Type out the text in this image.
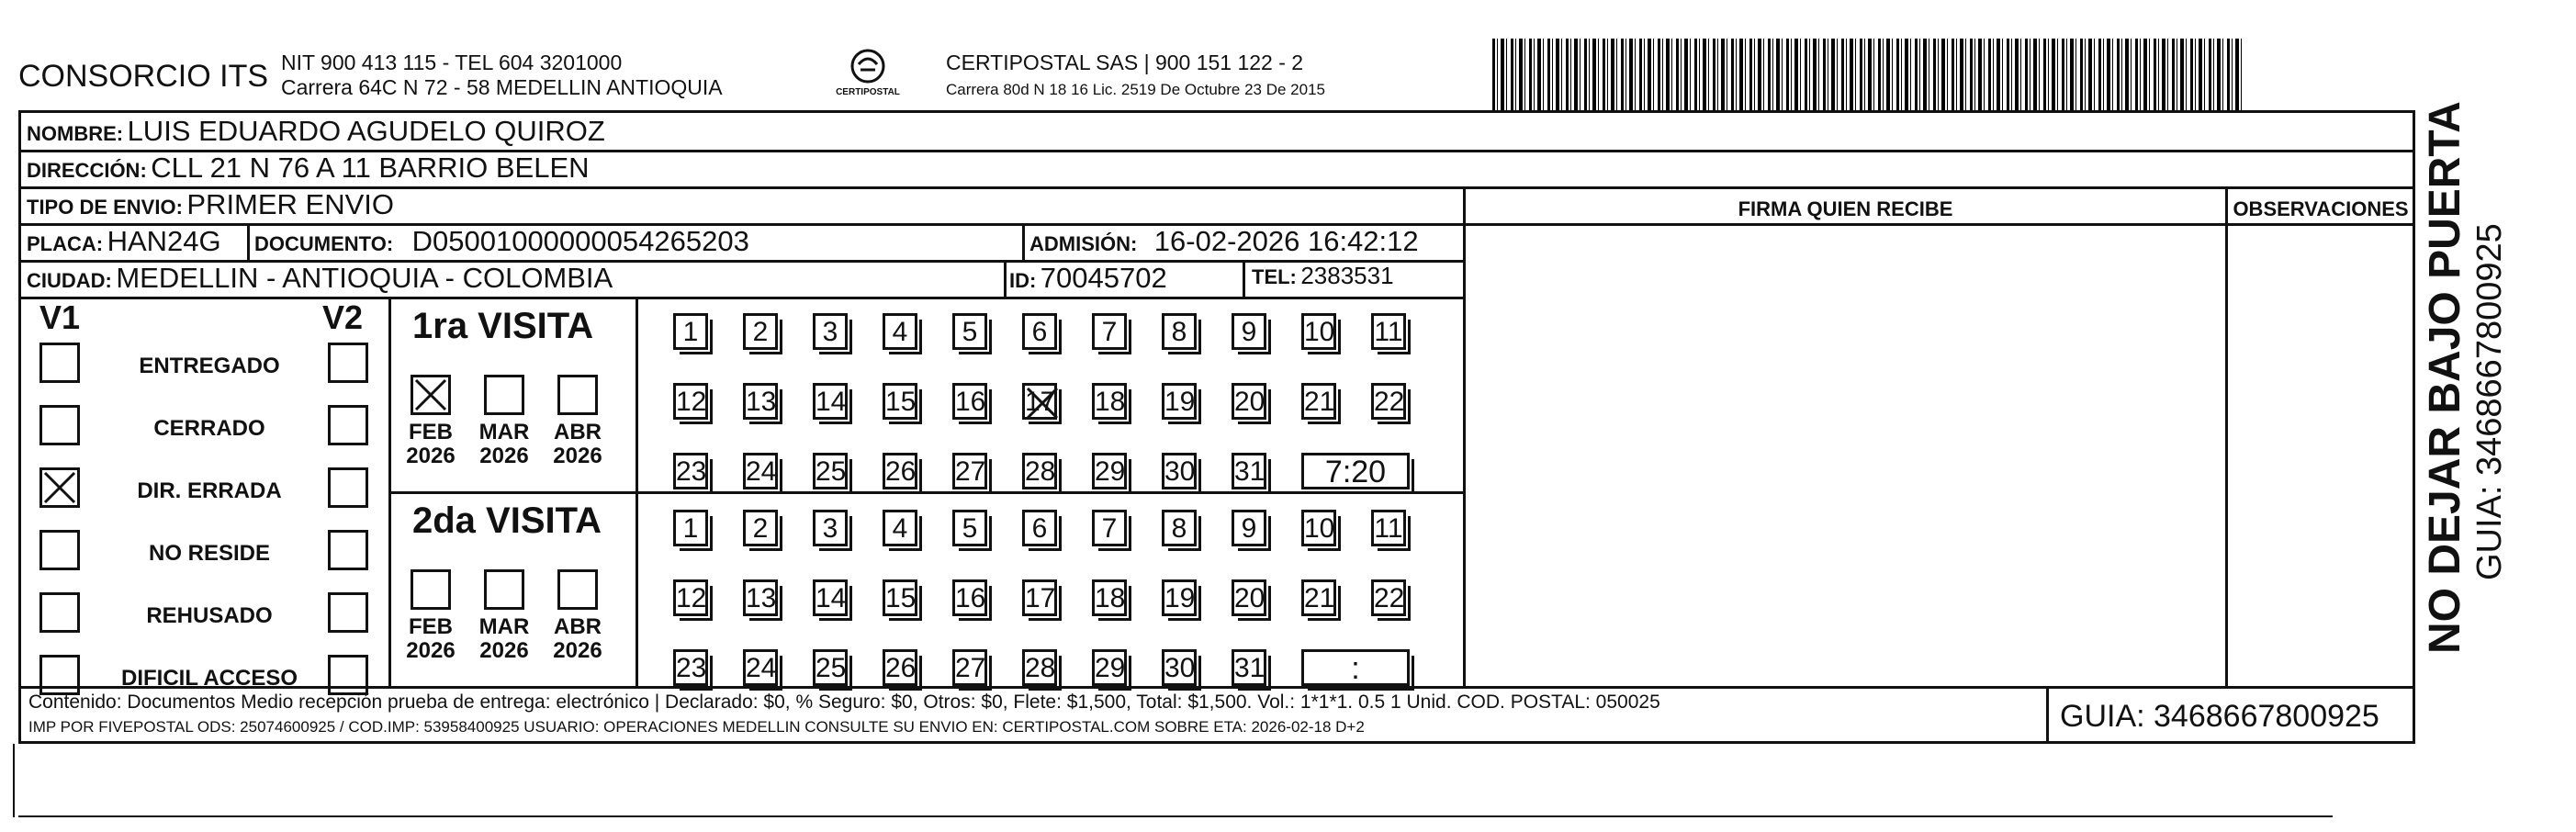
CONSORCIO ITS NIT 900 413 115 - TEL 604 3201000
Carrera 64C N 72 - 58 MEDELLIN ANTIOQUIA	CERTIPOSTAL
CERTIPOSTAL SAS | 900 151 122 - 2
Carrera 80d N 18 16 Lic. 2519 De Octubre 23 De 2015
NOMBRE: LUIS EDUARDO AGUDELO QUIROZ
DIRECCIÓN: CLL 21 N 76 A 11 BARRIO BELEN
TIPO DE ENVIO: PRIMER ENVIO	FIRMA QUIEN RECIBE	OBSERVACIONES
PLACA: HAN24G DOCUMENTO: D05001000000054265203	ADMISIÓN: 16-02-2026 16:42:12
CIUDAD: MEDELLIN - ANTIOQUIA - COLOMBIA	ID: 70045702	TEL: 2383531
V1	V2
ENTREGADO
CERRADO
DIR. ERRADA
NO RESIDE
REHUSADO
DIFICIL ACCESO
1ra VISITA
FEB
2026
MAR
2026
ABR
2026
1	2	3	4	5	6	7	8	9	10 11
12 13 14 15 16 17 18 19 20 21 22
23 24 25 26 27 28 29 30 31	7:20
2da VISITA
FEB
2026
MAR
2026
ABR
2026
1	2	3	4	5	6	7	8	9	10 11
12 13 14 15 16 17 18 19 20 21 22
23 24 25 26 27 28 29 30 31	:
Contenido: Documentos Medio recepción prueba de entrega: electrónico | Declarado: $0, % Seguro: $0, Otros: $0, Flete: $1,500, Total: $1,500. Vol.: 1*1*1. 0.5 1 Unid. COD. POSTAL: 050025
IMP POR FIVEPOSTAL ODS: 25074600925 / COD.IMP: 53958400925 USUARIO: OPERACIONES MEDELLIN CONSULTE SU ENVIO EN: CERTIPOSTAL.COM SOBRE ETA: 2026-02-18 D+2	GUIA: 3468667800925
NO DEJAR BAJO PUERTA GUIA: 3468667800925
